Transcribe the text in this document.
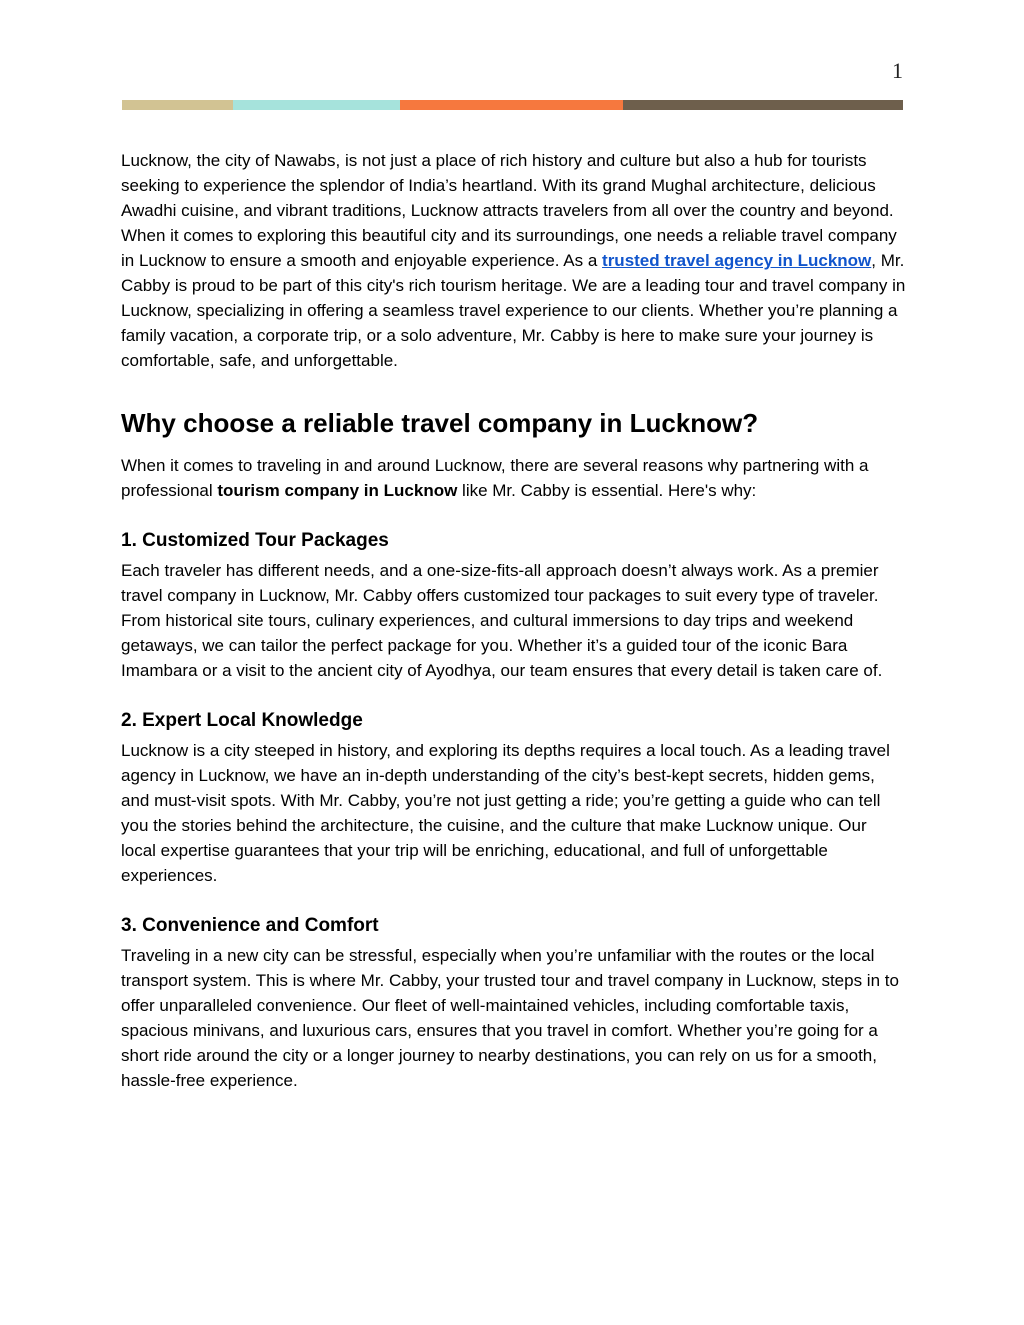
1

Lucknow, the city of Nawabs, is not just a place of rich history and culture but also a hub for tourists seeking to experience the splendor of India’s heartland. With its grand Mughal architecture, delicious Awadhi cuisine, and vibrant traditions, Lucknow attracts travelers from all over the country and beyond. When it comes to exploring this beautiful city and its surroundings, one needs a reliable travel company in Lucknow to ensure a smooth and enjoyable experience. As a trusted travel agency in Lucknow, Mr. Cabby is proud to be part of this city's rich tourism heritage. We are a leading tour and travel company in Lucknow, specializing in offering a seamless travel experience to our clients. Whether you’re planning a family vacation, a corporate trip, or a solo adventure, Mr. Cabby is here to make sure your journey is comfortable, safe, and unforgettable.

Why choose a reliable travel company in Lucknow?

When it comes to traveling in and around Lucknow, there are several reasons why partnering with a professional tourism company in Lucknow like Mr. Cabby is essential. Here's why:

1. Customized Tour Packages

Each traveler has different needs, and a one-size-fits-all approach doesn’t always work. As a premier travel company in Lucknow, Mr. Cabby offers customized tour packages to suit every type of traveler. From historical site tours, culinary experiences, and cultural immersions to day trips and weekend getaways, we can tailor the perfect package for you. Whether it’s a guided tour of the iconic Bara Imambara or a visit to the ancient city of Ayodhya, our team ensures that every detail is taken care of.

2. Expert Local Knowledge

Lucknow is a city steeped in history, and exploring its depths requires a local touch. As a leading travel agency in Lucknow, we have an in-depth understanding of the city’s best-kept secrets, hidden gems, and must-visit spots. With Mr. Cabby, you’re not just getting a ride; you’re getting a guide who can tell you the stories behind the architecture, the cuisine, and the culture that make Lucknow unique. Our local expertise guarantees that your trip will be enriching, educational, and full of unforgettable experiences.

3. Convenience and Comfort

Traveling in a new city can be stressful, especially when you’re unfamiliar with the routes or the local transport system. This is where Mr. Cabby, your trusted tour and travel company in Lucknow, steps in to offer unparalleled convenience. Our fleet of well-maintained vehicles, including comfortable taxis, spacious minivans, and luxurious cars, ensures that you travel in comfort. Whether you’re going for a short ride around the city or a longer journey to nearby destinations, you can rely on us for a smooth, hassle-free experience.
